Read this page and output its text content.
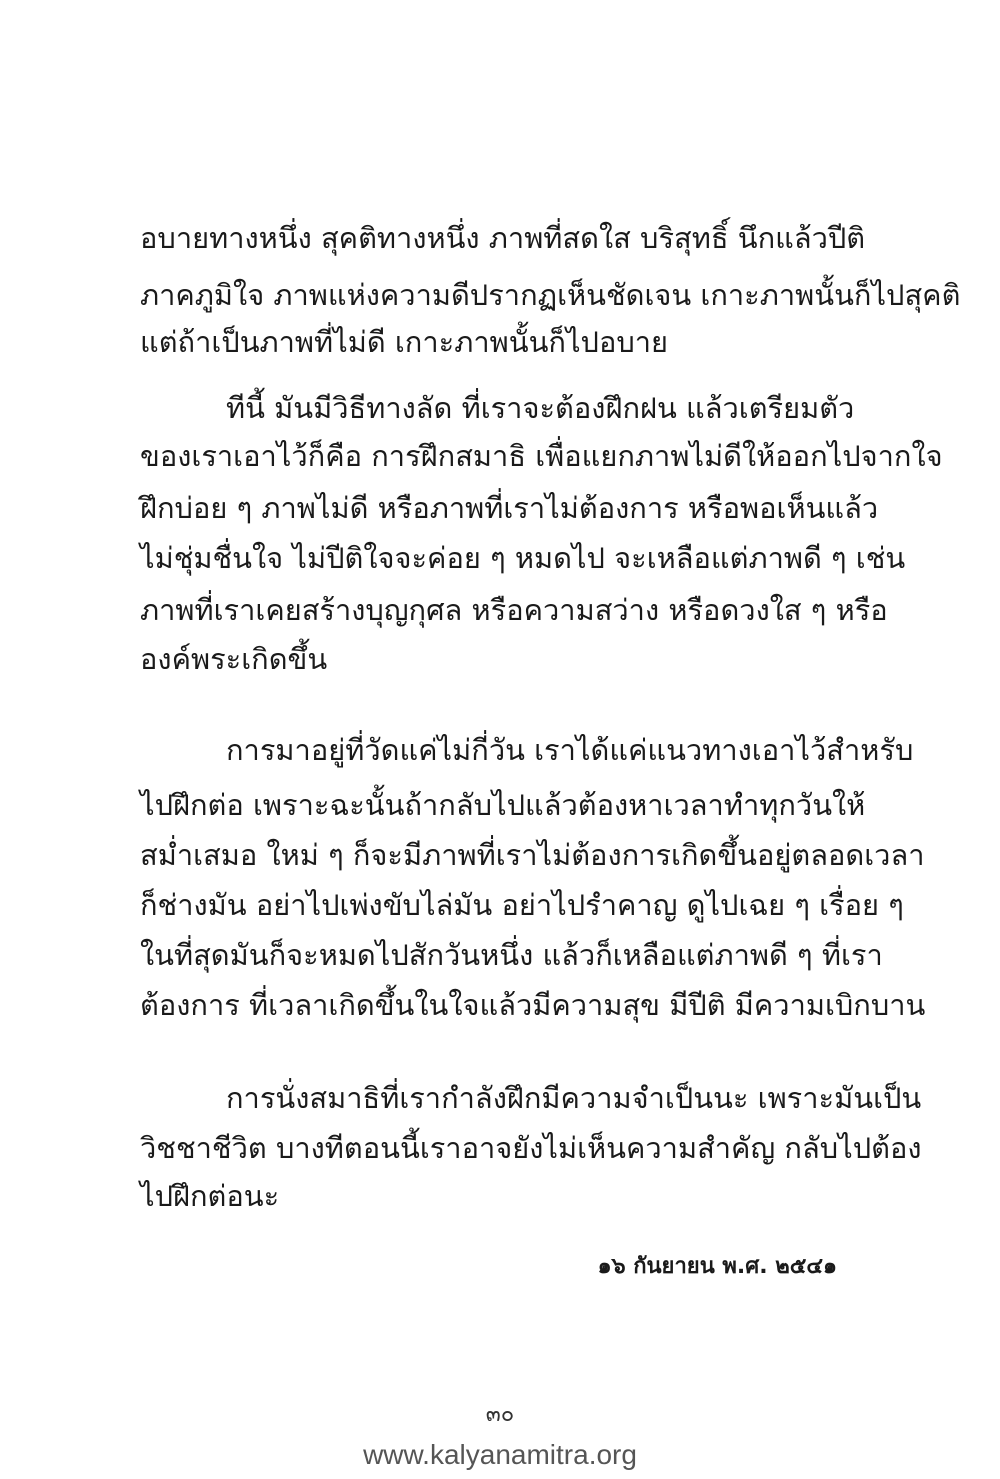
อบายทางหนึ่ง สุคติทางหนึ่ง ภาพที่สดใส บริสุทธิ์ นึกแล้วปีติ
ภาคภูมิใจ ภาพแห่งความดีปรากฏเห็นชัดเจน เกาะภาพนั้นก็ไปสุคติ
แต่ถ้าเป็นภาพที่ไม่ดี เกาะภาพนั้นก็ไปอบาย
ทีนี้ มันมีวิธีทางลัด ที่เราจะต้องฝึกฝน แล้วเตรียมตัว
ของเราเอาไว้ก็คือ การฝึกสมาธิ เพื่อแยกภาพไม่ดีให้ออกไปจากใจ
ฝึกบ่อย ๆ ภาพไม่ดี หรือภาพที่เราไม่ต้องการ หรือพอเห็นแล้ว
ไม่ชุ่มชื่นใจ ไม่ปีติใจจะค่อย ๆ หมดไป จะเหลือแต่ภาพดี ๆ เช่น
ภาพที่เราเคยสร้างบุญกุศล หรือความสว่าง หรือดวงใส ๆ หรือ
องค์พระเกิดขึ้น
การมาอยู่ที่วัดแค่ไม่กี่วัน เราได้แค่แนวทางเอาไว้สำหรับ
ไปฝึกต่อ เพราะฉะนั้นถ้ากลับไปแล้วต้องหาเวลาทำทุกวันให้
สม่ำเสมอ ใหม่ ๆ ก็จะมีภาพที่เราไม่ต้องการเกิดขึ้นอยู่ตลอดเวลา
ก็ช่างมัน อย่าไปเพ่งขับไล่มัน อย่าไปรำคาญ ดูไปเฉย ๆ เรื่อย ๆ
ในที่สุดมันก็จะหมดไปสักวันหนึ่ง แล้วก็เหลือแต่ภาพดี ๆ ที่เรา
ต้องการ ที่เวลาเกิดขึ้นในใจแล้วมีความสุข มีปีติ มีความเบิกบาน
การนั่งสมาธิที่เรากำลังฝึกมีความจำเป็นนะ เพราะมันเป็น
วิชชาชีวิต บางทีตอนนี้เราอาจยังไม่เห็นความสำคัญ กลับไปต้อง
ไปฝึกต่อนะ
๑๖ กันยายน พ.ศ. ๒๕๔๑
๓๐
www.kalyanamitra.org
